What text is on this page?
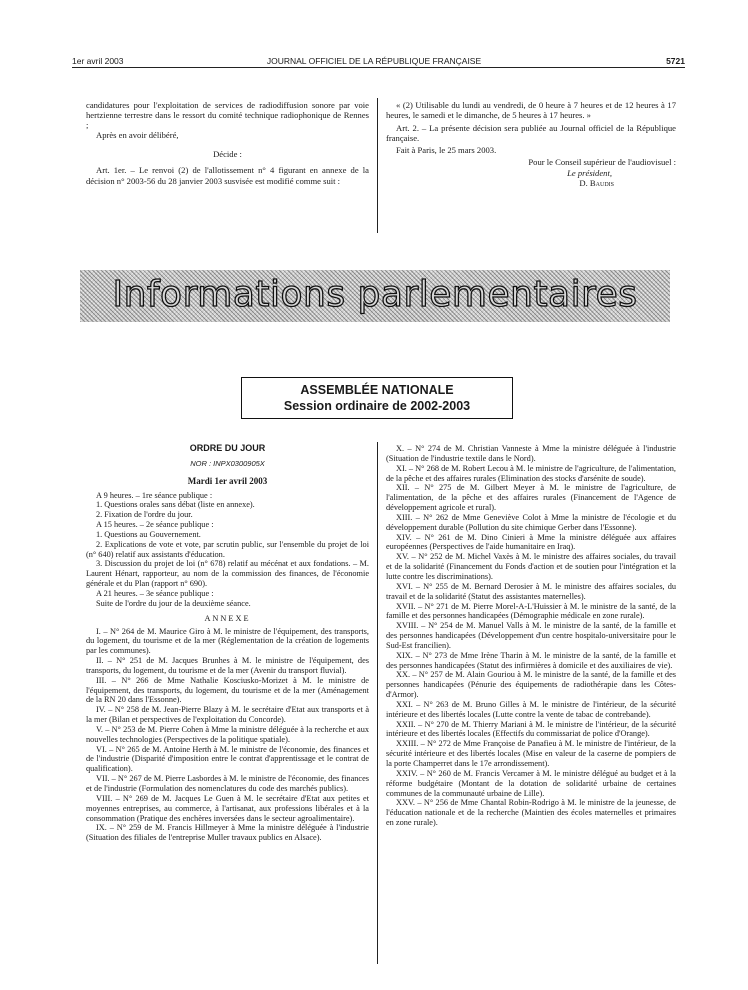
1er avril 2003	JOURNAL OFFICIEL DE LA RÉPUBLIQUE FRANÇAISE	5721

candidatures pour l'exploitation de services de radiodiffusion sonore par voie hertzienne terrestre dans le ressort du comité technique radiophonique de Rennes ;

Après en avoir délibéré,

Décide :

Art. 1er. – Le renvoi (2) de l'allotissement n° 4 figurant en annexe de la décision n° 2003-56 du 28 janvier 2003 susvisée est modifié comme suit :

« (2) Utilisable du lundi au vendredi, de 0 heure à 7 heures et de 12 heures à 17 heures, le samedi et le dimanche, de 5 heures à 17 heures. »

Art. 2. – La présente décision sera publiée au Journal officiel de la République française.

Fait à Paris, le 25 mars 2003.

Pour le Conseil supérieur de l'audiovisuel :

Le président,

D. Baudis

Informations parlementaires
ASSEMBLÉE NATIONALE
Session ordinaire de 2002-2003

ORDRE DU JOUR

NOR : INPX0300905X

Mardi 1er avril 2003

A 9 heures. – 1re séance publique :

1. Questions orales sans débat (liste en annexe).

2. Fixation de l'ordre du jour.

A 15 heures. – 2e séance publique :

1. Questions au Gouvernement.

2. Explications de vote et vote, par scrutin public, sur l'ensemble du projet de loi (n° 640) relatif aux assistants d'éducation.

3. Discussion du projet de loi (n° 678) relatif au mécénat et aux fondations. – M. Laurent Hénart, rapporteur, au nom de la commission des finances, de l'économie générale et du Plan (rapport n° 690).

A 21 heures. – 3e séance publique :

Suite de l'ordre du jour de la deuxième séance.

ANNEXE

I. – N° 264 de M. Maurice Giro à M. le ministre de l'équipement, des transports, du logement, du tourisme et de la mer (Réglementation de la création de logements par les communes).

II. – N° 251 de M. Jacques Brunhes à M. le ministre de l'équipement, des transports, du logement, du tourisme et de la mer (Avenir du transport fluvial).

III. – N° 266 de Mme Nathalie Kosciusko-Morizet à M. le ministre de l'équipement, des transports, du logement, du tourisme et de la mer (Aménagement de la RN 20 dans l'Essonne).

IV. – N° 258 de M. Jean-Pierre Blazy à M. le secrétaire d'Etat aux transports et à la mer (Bilan et perspectives de l'exploitation du Concorde).

V. – N° 253 de M. Pierre Cohen à Mme la ministre déléguée à la recherche et aux nouvelles technologies (Perspectives de la politique spatiale).

VI. – N° 265 de M. Antoine Herth à M. le ministre de l'économie, des finances et de l'industrie (Disparité d'imposition entre le contrat d'apprentissage et le contrat de qualification).

VII. – N° 267 de M. Pierre Lasbordes à M. le ministre de l'économie, des finances et de l'industrie (Formulation des nomenclatures du code des marchés publics).

VIII. – N° 269 de M. Jacques Le Guen à M. le secrétaire d'Etat aux petites et moyennes entreprises, au commerce, à l'artisanat, aux professions libérales et à la consommation (Pratique des enchères inversées dans le secteur agroalimentaire).

IX. – N° 259 de M. Francis Hillmeyer à Mme la ministre déléguée à l'industrie (Situation des filiales de l'entreprise Muller travaux publics en Alsace).

X. – N° 274 de M. Christian Vanneste à Mme la ministre déléguée à l'industrie (Situation de l'industrie textile dans le Nord).

XI. – N° 268 de M. Robert Lecou à M. le ministre de l'agriculture, de l'alimentation, de la pêche et des affaires rurales (Elimination des stocks d'arsénite de soude).

XII. – N° 275 de M. Gilbert Meyer à M. le ministre de l'agriculture, de l'alimentation, de la pêche et des affaires rurales (Financement de l'Agence de développement agricole et rural).

XIII. – N° 262 de Mme Geneviève Colot à Mme la ministre de l'écologie et du développement durable (Pollution du site chimique Gerber dans l'Essonne).

XIV. – N° 261 de M. Dino Cinieri à Mme la ministre déléguée aux affaires européennes (Perspectives de l'aide humanitaire en Iraq).

XV. – N° 252 de M. Michel Vaxès à M. le ministre des affaires sociales, du travail et de la solidarité (Financement du Fonds d'action et de soutien pour l'intégration et la lutte contre les discriminations).

XVI. – N° 255 de M. Bernard Derosier à M. le ministre des affaires sociales, du travail et de la solidarité (Statut des assistantes maternelles).

XVII. – N° 271 de M. Pierre Morel-A-L'Huissier à M. le ministre de la santé, de la famille et des personnes handicapées (Démographie médicale en zone rurale).

XVIII. – N° 254 de M. Manuel Valls à M. le ministre de la santé, de la famille et des personnes handicapées (Développement d'un centre hospitalo-universitaire pour le Sud-Est francilien).

XIX. – N° 273 de Mme Irène Tharin à M. le ministre de la santé, de la famille et des personnes handicapées (Statut des infirmières à domicile et des auxiliaires de vie).

XX. – N° 257 de M. Alain Gouriou à M. le ministre de la santé, de la famille et des personnes handicapées (Pénurie des équipements de radiothérapie dans les Côtes-d'Armor).

XXI. – N° 263 de M. Bruno Gilles à M. le ministre de l'intérieur, de la sécurité intérieure et des libertés locales (Lutte contre la vente de tabac de contrebande).

XXII. – N° 270 de M. Thierry Mariani à M. le ministre de l'intérieur, de la sécurité intérieure et des libertés locales (Effectifs du commissariat de police d'Orange).

XXIII. – N° 272 de Mme Françoise de Panafieu à M. le ministre de l'intérieur, de la sécurité intérieure et des libertés locales (Mise en valeur de la caserne de pompiers de la porte Champerret dans le 17e arrondissement).

XXIV. – N° 260 de M. Francis Vercamer à M. le ministre délégué au budget et à la réforme budgétaire (Montant de la dotation de solidarité urbaine de certaines communes de la communauté urbaine de Lille).

XXV. – N° 256 de Mme Chantal Robin-Rodrigo à M. le ministre de la jeunesse, de l'éducation nationale et de la recherche (Maintien des écoles maternelles et primaires en zone rurale).
